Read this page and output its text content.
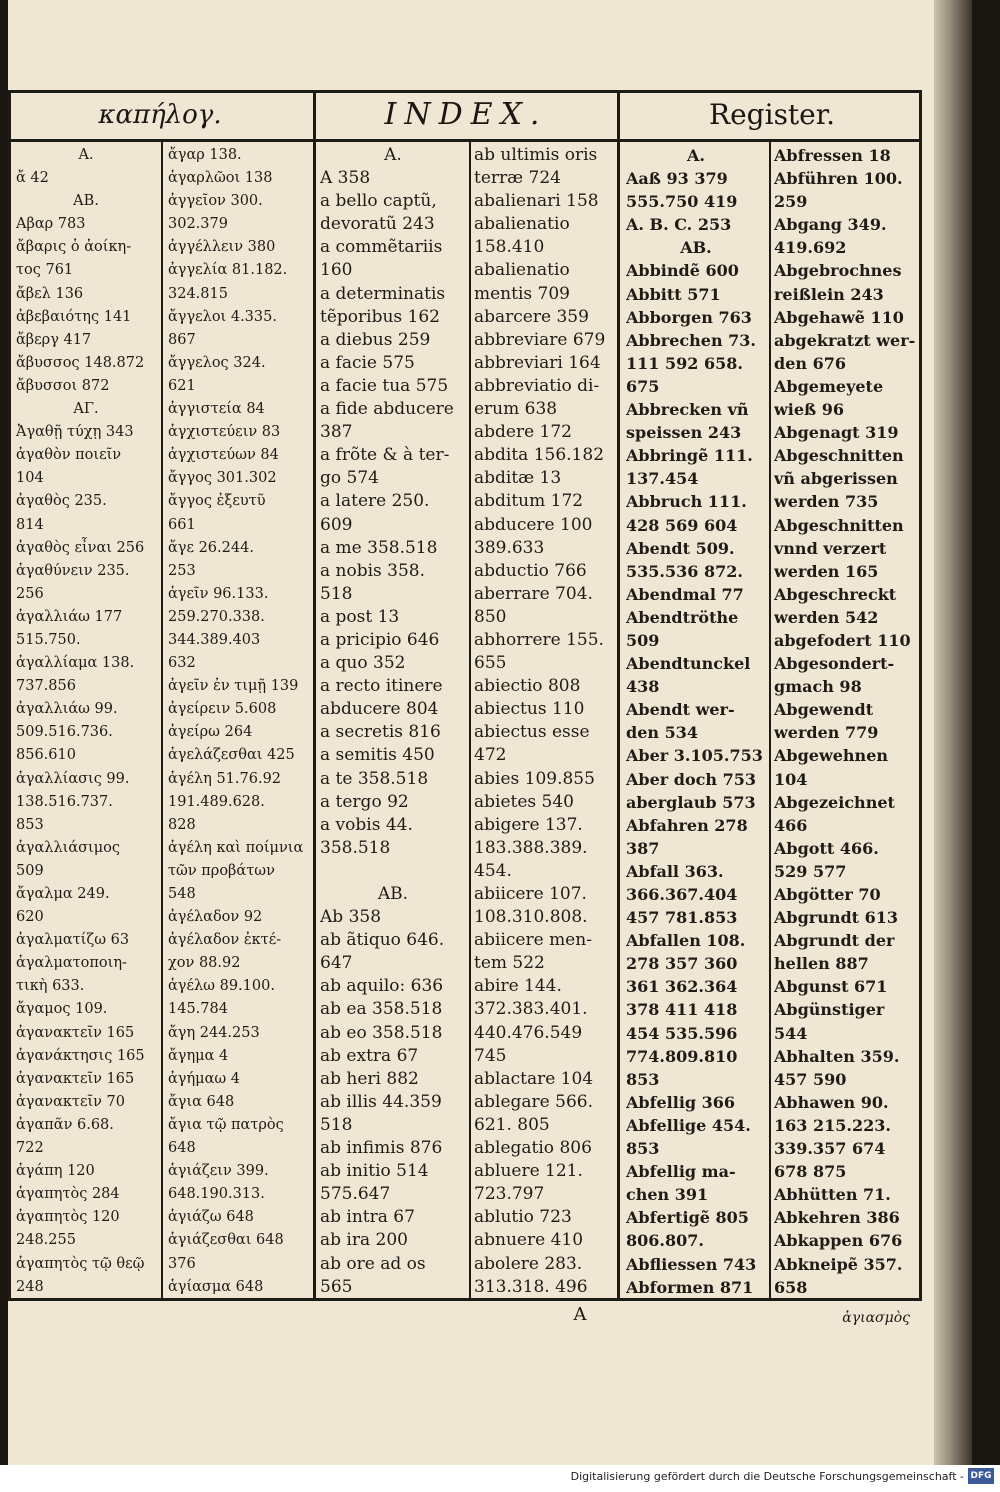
καπήλογ.	INDEX.	Register.
A.
ἄ 42
AB.
Αβαρ 783
ἄβαρις ὁ ἀοίκη-
τος 761
ἄβελ 136
ἀβεβαιότης 141
ἄβεργ 417
ἄβυσσος 148.872
ἄβυσσοι 872
ΑΓ.
Ἀγαθῇ τύχῃ 343
ἀγαθὸν ποιεῖν
104
ἀγαθὸς 235.
814
ἀγαθὸς εἶναι 256
ἀγαθύνειν 235.
256
ἀγαλλιάω 177
515.750.
ἀγαλλίαμα 138.
737.856
ἀγαλλιάω 99.
509.516.736.
856.610
ἀγαλλίασις 99.
138.516.737.
853
ἀγαλλιάσιμος
509
ἄγαλμα 249.
620
ἀγαλματίζω 63
ἀγαλματοποιη-
τικὴ 633.
ἄγαμος 109.
ἀγανακτεῖν 165
ἀγανάκτησις 165
ἀγανακτεῖν 165
ἀγανακτεῖν 70
ἀγαπᾶν 6.68.
722
ἀγάπη 120
ἀγαπητὸς 284
ἀγαπητὸς 120
248.255
ἀγαπητὸς τῷ θεῷ
248
ἄγαρ 138.
ἀγαρλῶοι 138
ἀγγεῖον 300.
302.379
ἀγγέλλειν 380
ἀγγελία 81.182.
324.815
ἄγγελοι 4.335.
867
ἄγγελος 324.
621
ἀγγιστεία 84
ἀγχιστεύειν 83
ἀγχιστεύων 84
ἄγγος 301.302
ἄγγος ἐξευτῦ
661
ἄγε 26.244.
253
ἀγεῖν 96.133.
259.270.338.
344.389.403
632
ἀγεῖν ἐν τιμῇ 139
ἀγείρειν 5.608
ἀγείρω 264
ἀγελάζεσθαι 425
ἀγέλη 51.76.92
191.489.628.
828
ἀγέλη καὶ ποίμνια
τῶν προβάτων
548
ἀγέλαδον 92
ἀγέλαδον ἐκτέ-
χον 88.92
ἀγέλω 89.100.
145.784
ἄγη 244.253
ἄγημα 4
ἀγήμαω 4
ἄγια 648
ἄγια τῷ πατρὸς
648
ἁγιάζειν 399.
648.190.313.
ἁγιάζω 648
ἁγιάζεσθαι 648
376
ἁγίασμα 648
A.
A 358
a bello captũ,
devoratũ 243
a commẽtariis
160
a determinatis
tẽporibus 162
a diebus 259
a facie 575
a facie tua 575
a fide abducere
387
a frõte & à ter-
go 574
a latere 250.
609
a me 358.518
a nobis 358.
518
a post 13
a pricipio 646
a quo 352
a recto itinere
abducere 804
a secretis 816
a semitis 450
a te 358.518
a tergo 92
a vobis 44.
358.518

AB.
Ab 358
ab ãtiquo 646.
647
ab aquilo: 636
ab ea 358.518
ab eo 358.518
ab extra 67
ab heri 882
ab illis 44.359
518
ab infimis 876
ab initio 514
575.647
ab intra 67
ab ira 200
ab ore ad os
565
ab ultimis oris
terræ 724
abalienari 158
abalienatio
158.410
abalienatio
mentis 709
abarcere 359
abbreviare 679
abbreviari 164
abbreviatio di-
erum 638
abdere 172
abdita 156.182
abditæ 13
abditum 172
abducere 100
389.633
abductio 766
aberrare 704.
850
abhorrere 155.
655
abiectio 808
abiectus 110
abiectus esse
472
abies 109.855
abietes 540
abigere 137.
183.388.389.
454.
abiicere 107.
108.310.808.
abiicere men-
tem 522
abire 144.
372.383.401.
440.476.549
745
ablactare 104
ablegare 566.
621. 805
ablegatio 806
abluere 121.
723.797
ablutio 723
abnuere 410
abolere 283.
313.318. 496
A.
Aaß 93 379
555.750 419
A. B. C. 253
AB.
Abbindẽ 600
Abbitt 571
Abborgen 763
Abbrechen 73.
111 592 658.
675
Abbrecken vñ
speissen 243
Abbringẽ 111.
137.454
Abbruch 111.
428 569 604
Abendt 509.
535.536 872.
Abendmal 77
Abendtröthe
509
Abendtunckel
438
Abendt wer-
den 534
Aber 3.105.753
Aber doch 753
aberglaub 573
Abfahren 278
387
Abfall 363.
366.367.404
457 781.853
Abfallen 108.
278 357 360
361 362.364
378 411 418
454 535.596
774.809.810
853
Abfellig 366
Abfellige 454.
853
Abfellig ma-
chen 391
Abfertigẽ 805
806.807.
Abfliessen 743
Abformen 871
Abfressen 18
Abführen 100.
259
Abgang 349.
419.692
Abgebrochnes
reißlein 243
Abgehawẽ 110
abgekratzt wer-
den 676
Abgemeyete
wieß 96
Abgenagt 319
Abgeschnitten
vñ abgerissen
werden 735
Abgeschnitten
vnnd verzert
werden 165
Abgeschreckt
werden 542
abgefodert 110
Abgesondert-
gmach 98
Abgewendt
werden 779
Abgewehnen
104
Abgezeichnet
466
Abgott 466.
529 577
Abgötter 70
Abgrundt 613
Abgrundt der
hellen 887
Abgunst 671
Abgünstiger
544
Abhalten 359.
457 590
Abhawen 90.
163 215.223.
339.357 674
678 875
Abhütten 71.
Abkehren 386
Abkappen 676
Abkneipẽ 357.
658
A	ἁγιασμὸς
Digitalisierung gefördert durch die Deutsche Forschungsgemeinschaft - DFG
